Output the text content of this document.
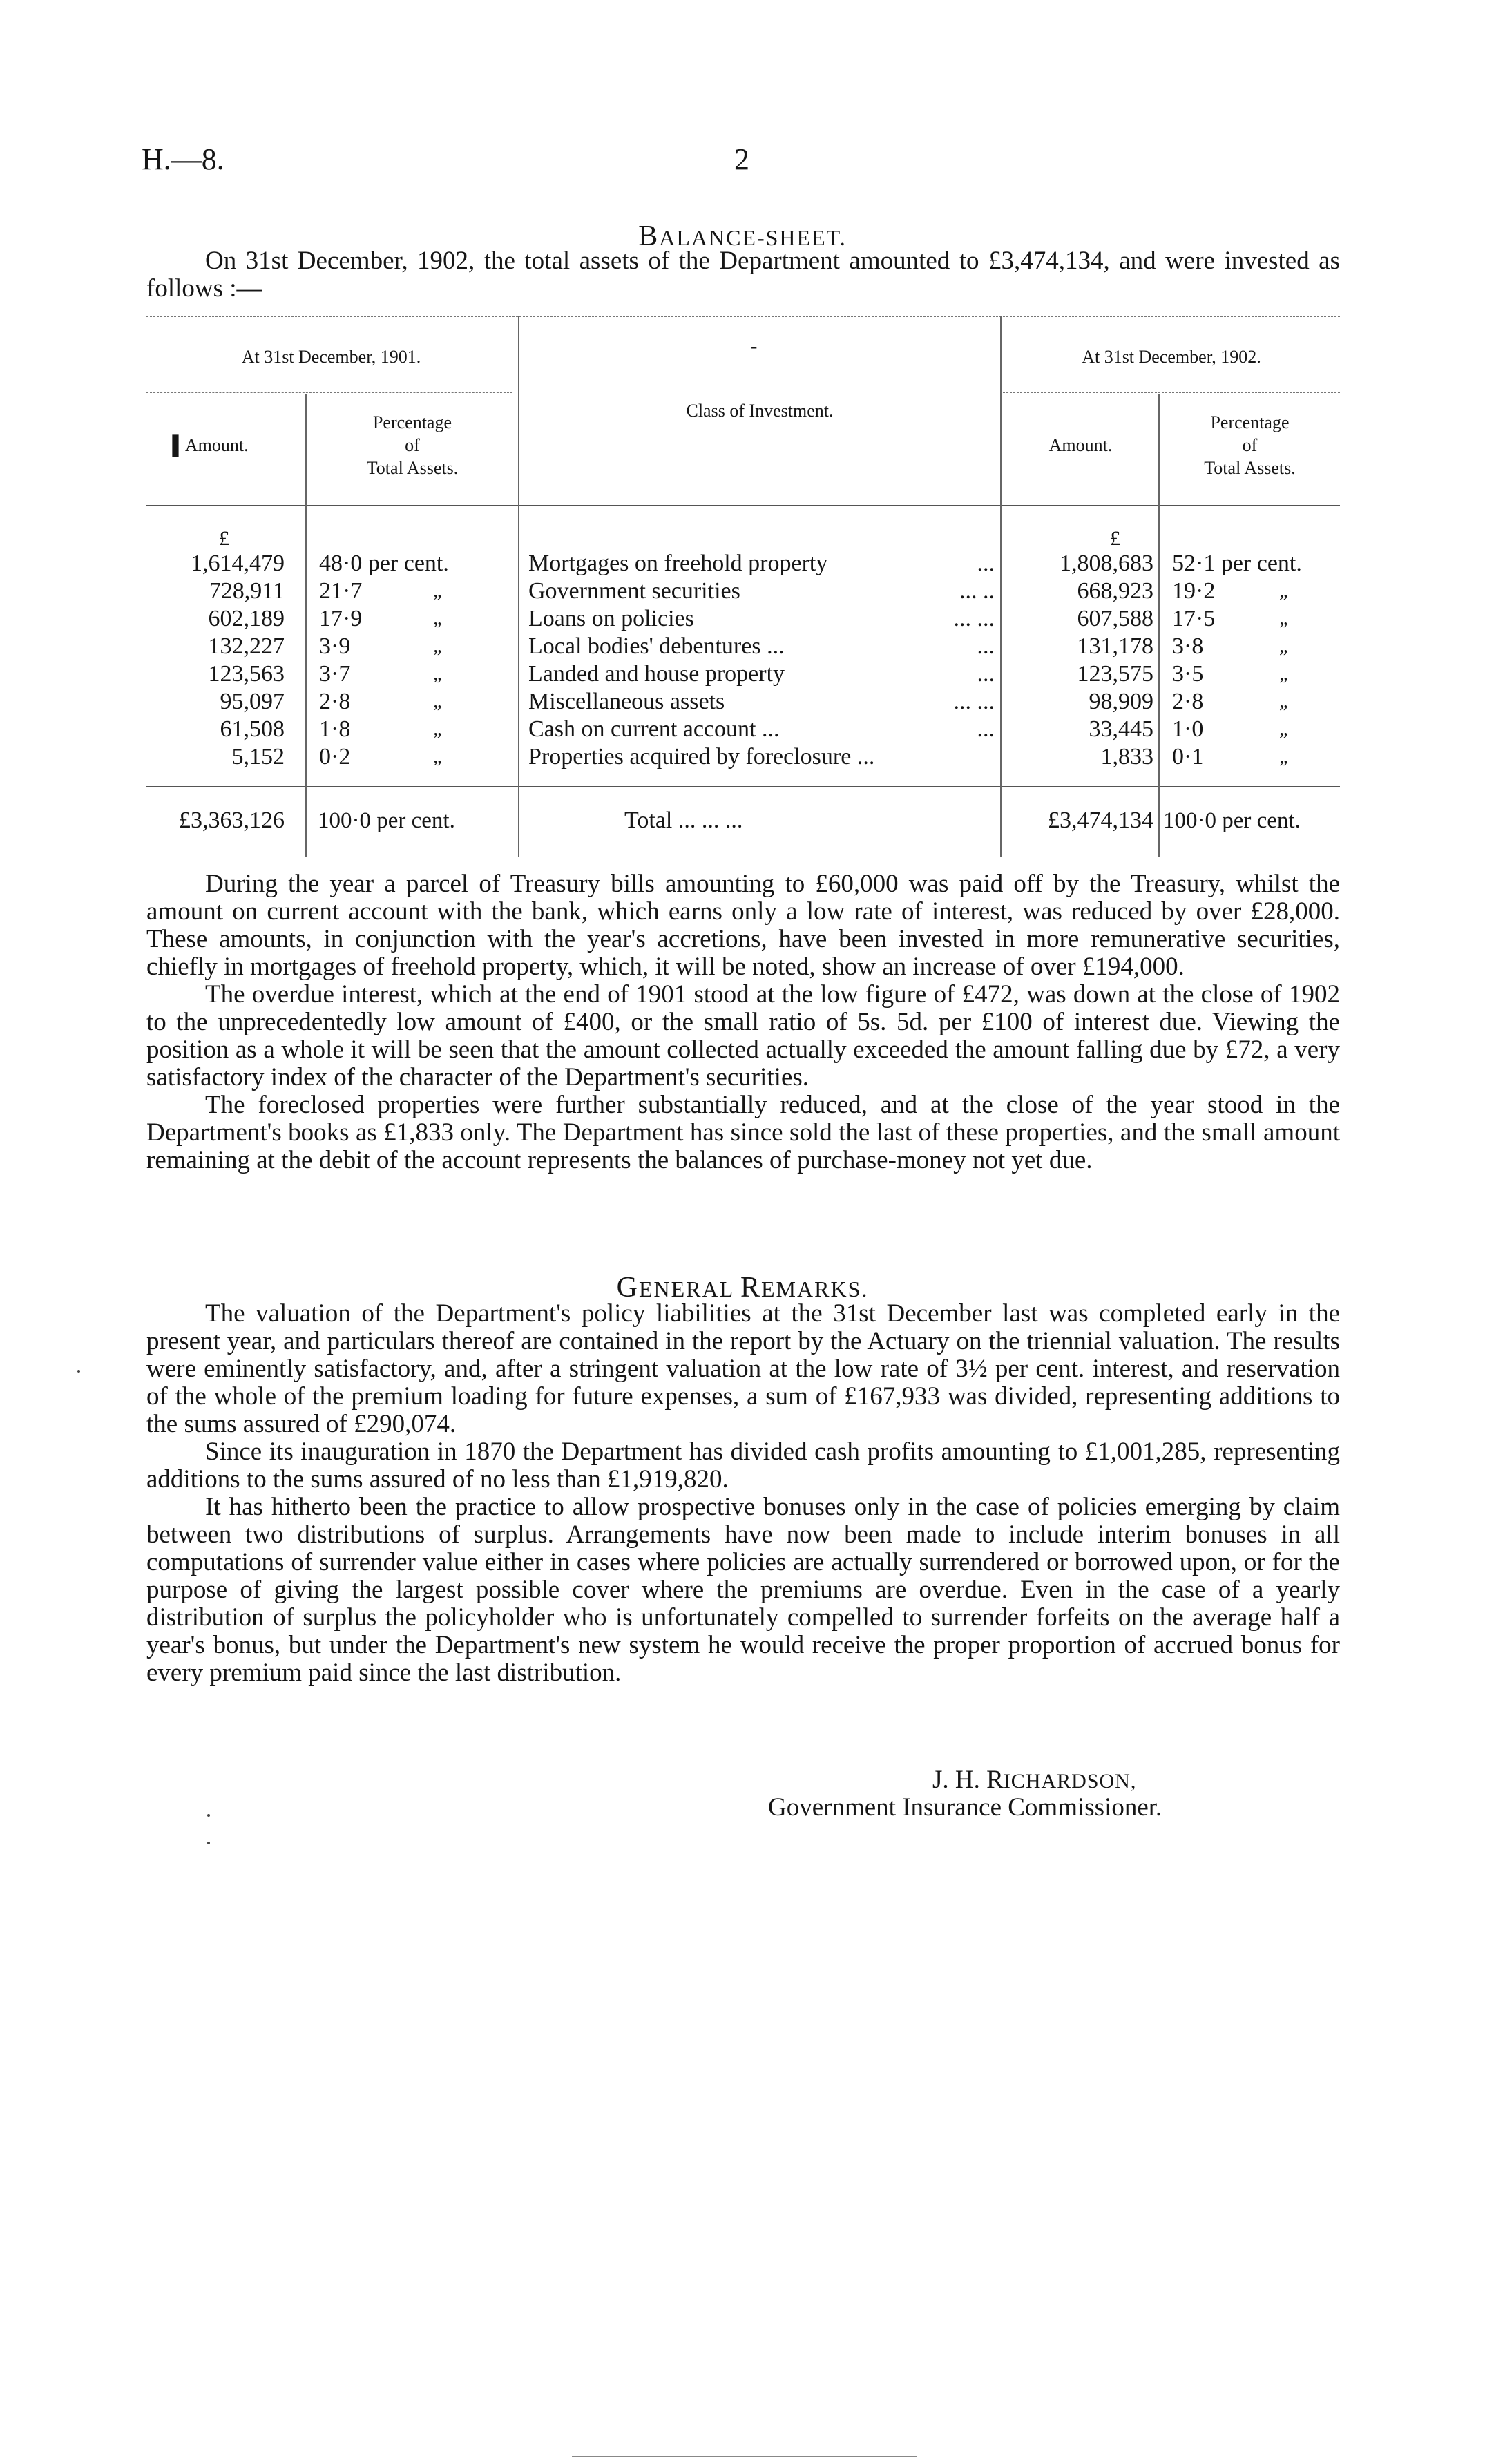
H.—8.	2
BALANCE-SHEET.

On 31st December, 1902, the total assets of the Department amounted to £3,474,134, and were invested as follows :—

At 31st December, 1901.	-	At 31st December, 1902.
▌Amount.
Percentage
of
Total Assets.
Class of Investment.
Amount.
Percentage
of
Total Assets.
£	£
1,614,479 48·0 per cent.	Mortgages on freehold property	...	1,808,683 52·1 per cent.
728,911 21·7	„	Government securities	... ..	668,923 19·2	„
602,189 17·9	„	Loans on policies	... ...	607,588 17·5	„
132,227 3·9	„	Local bodies' debentures ...	...	131,178 3·8	„
123,563 3·7	„	Landed and house property	...	123,575 3·5	„
95,097 2·8	„	Miscellaneous assets	... ...	98,909 2·8	„
61,508 1·8	„	Cash on current account ...	...	33,445 1·0	„
5,152 0·2	„	Properties acquired by foreclosure ...	1,833 0·1	„
£3,363,126 100·0 per cent.	Total ... ... ...	£3,474,134 100·0 per cent.

During the year a parcel of Treasury bills amounting to £60,000 was paid off by the Treasury, whilst the amount on current account with the bank, which earns only a low rate of interest, was reduced by over £28,000. These amounts, in conjunction with the year's accretions, have been invested in more remunerative securities, chiefly in mortgages of freehold property, which, it will be noted, show an increase of over £194,000.

The overdue interest, which at the end of 1901 stood at the low figure of £472, was down at the close of 1902 to the unprecedentedly low amount of £400, or the small ratio of 5s. 5d. per £100 of interest due. Viewing the position as a whole it will be seen that the amount collected actually exceeded the amount falling due by £72, a very satisfactory index of the character of the Department's securities.

The foreclosed properties were further substantially reduced, and at the close of the year stood in the Department's books as £1,833 only. The Department has since sold the last of these properties, and the small amount remaining at the debit of the account represents the balances of purchase-money not yet due.

GENERAL REMARKS.

The valuation of the Department's policy liabilities at the 31st December last was completed early in the present year, and particulars thereof are contained in the report by the Actuary on the triennial valuation. The results were eminently satisfactory, and, after a stringent valuation at the low rate of 3½ per cent. interest, and reservation of the whole of the premium loading for future expenses, a sum of £167,933 was divided, representing additions to the sums assured of £290,074.

Since its inauguration in 1870 the Department has divided cash profits amounting to £1,001,285, representing additions to the sums assured of no less than £1,919,820.

It has hitherto been the practice to allow prospective bonuses only in the case of policies emerging by claim between two distributions of surplus. Arrangements have now been made to include interim bonuses in all computations of surrender value either in cases where policies are actually surrendered or borrowed upon, or for the purpose of giving the largest possible cover where the premiums are overdue. Even in the case of a yearly distribution of surplus the policyholder who is unfortunately compelled to surrender forfeits on the average half a year's bonus, but under the Department's new system he would receive the proper proportion of accrued bonus for every premium paid since the last distribution.

J. H. RICHARDSON,
Government Insurance Commissioner.
